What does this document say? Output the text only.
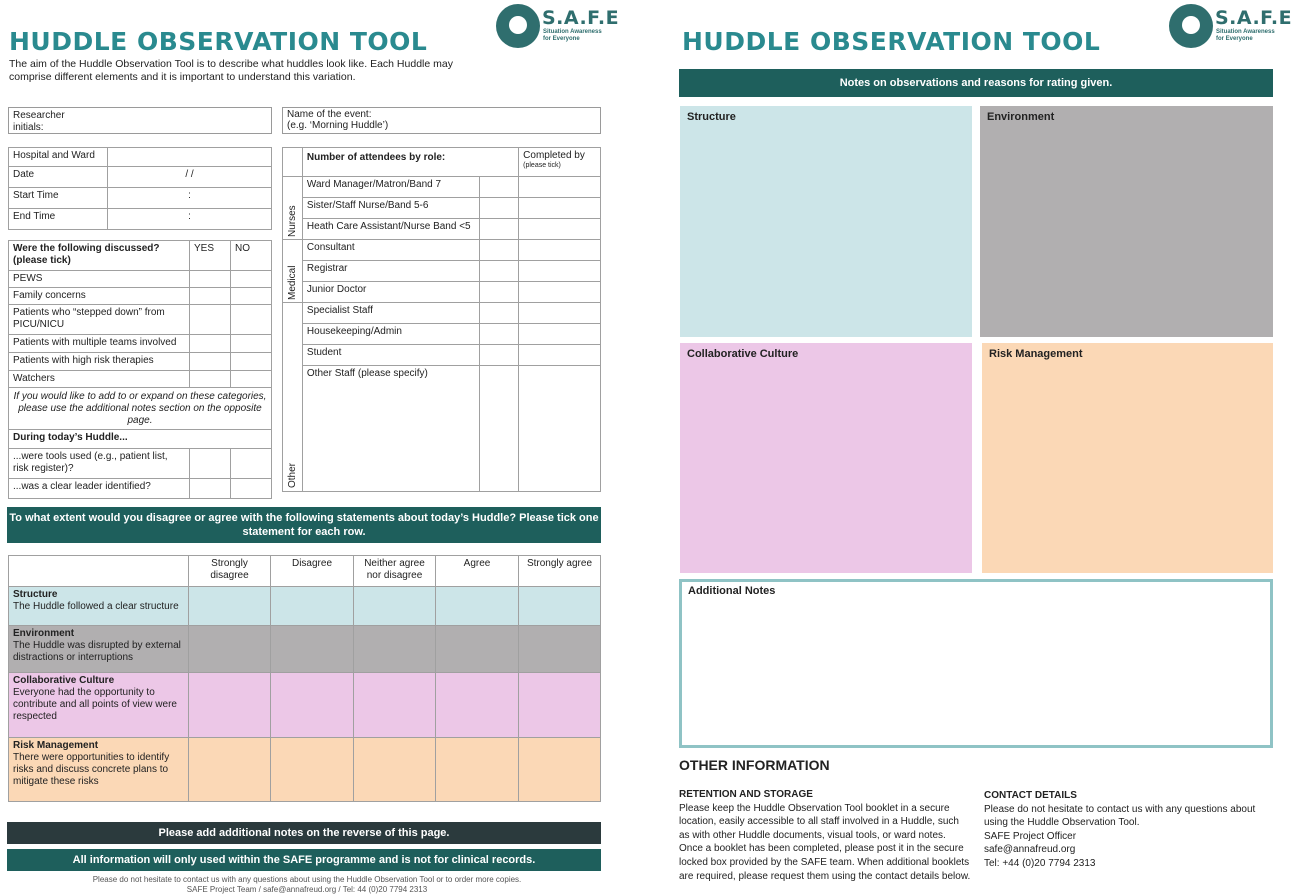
HUDDLE OBSERVATION TOOL
S.A.F.E
Situation Awareness for Everyone
The aim of the Huddle Observation Tool is to describe what huddles look like. Each Huddle may comprise different elements and it is important to understand this variation.
Researcher initials:
Name of the event:
(e.g. ‘Morning Huddle’)
Hospital and Ward	
Date	/ /
Start Time	:
End Time	:
Were the following discussed? (please tick)	YES	NO
PEWS		
Family concerns		
Patients who “stepped down” from PICU/NICU		
Patients with multiple teams involved		
Patients with high risk therapies		
Watchers		
If you would like to add to or expand on these categories, please use the additional notes section on the opposite page.		
During today’s Huddle...		
...were tools used (e.g., patient list, risk register)?		
...was a clear leader identified?		
	Number of attendees by role:		Completed by
(please tick)

Nurses	Ward Manager/Matron/Band 7		
	Sister/Staff Nurse/Band 5-6		
	Heath Care Assistant/Nurse Band <5		

Medical	Consultant		
	Registrar		
	Junior Doctor		

Other	Specialist Staff		
	Housekeeping/Admin		
	Student		
	Other Staff (please specify)		
To what extent would you disagree or agree with the following statements about today’s Huddle? Please tick one statement for each row.
	Strongly disagree	Disagree	Neither agree nor disagree	Agree	Strongly agree

Structure
The Huddle followed a clear structure					

Environment
The Huddle was disrupted by external distractions or interruptions					

Collaborative Culture
Everyone had the opportunity to contribute and all points of view were respected					

Risk Management
There were opportunities to identify risks and discuss concrete plans to mitigate these risks					

Please add additional notes on the reverse of this page.
All information will only used within the SAFE programme and is not for clinical records.
Please do not hesitate to contact us with any questions about using the Huddle Observation Tool or to order more copies.
SAFE Project Team / safe@annafreud.org / Tel: 44 (0)20 7794 2313
HUDDLE OBSERVATION TOOL
S.A.F.E
Situation Awareness for Everyone
Notes on observations and reasons for rating given.
Structure	Environment
Collaborative Culture	Risk Management
Additional Notes
OTHER INFORMATION
RETENTION AND STORAGE
Please keep the Huddle Observation Tool booklet in a secure location, easily accessible to all staff involved in a Huddle, such as with other Huddle documents, visual tools, or ward notes. Once a booklet has been completed, please post it in the secure locked box provided by the SAFE team. When additional booklets are required, please request them using the contact details below.
CONTACT DETAILS
Please do not hesitate to contact us with any questions about using the Huddle Observation Tool.
SAFE Project Officer
safe@annafreud.org
Tel: +44 (0)20 7794 2313
